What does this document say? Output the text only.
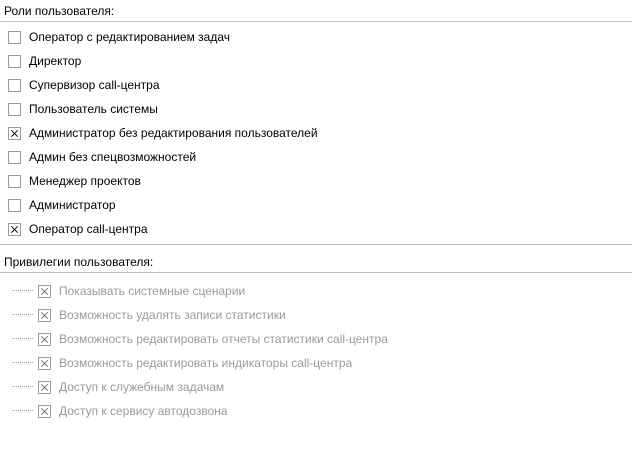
Роли пользователя:
Оператор с редактированием задач
Директор
Супервизор call-центра
Пользователь системы
Администратор без редактирования пользователей
Админ без спецвозможностей
Менеджер проектов
Администратор
Оператор call-центра
Привилегии пользователя:
Показывать системные сценарии
Возможность удалять записи статистики
Возможность редактировать отчеты статистики call-центра
Возможность редактировать индикаторы call-центра
Доступ к служебным задачам
Доступ к сервису автодозвона
